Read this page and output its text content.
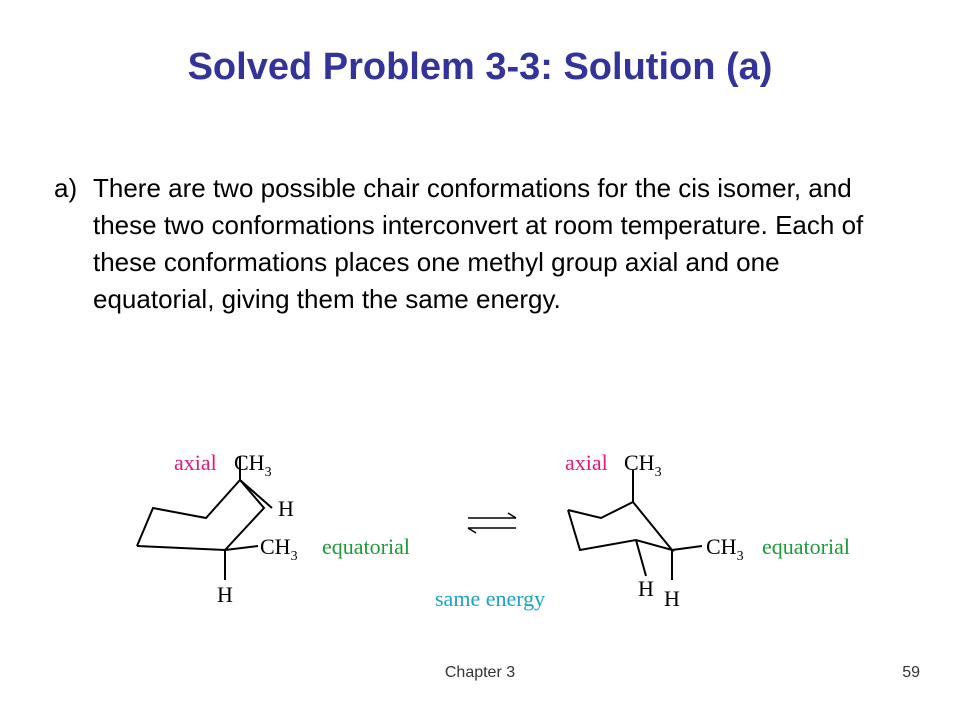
Solved Problem 3-3: Solution (a)
a) There are two possible chair conformations for the cis isomer, and these two conformations interconvert at room temperature. Each of these conformations places one methyl group axial and one equatorial, giving them the same energy.
axial $CH_3$
H
$CH_3$ equatorial
H	same energy
axial $CH_3$
$CH_3$ equatorial
H H
Chapter 3	59
